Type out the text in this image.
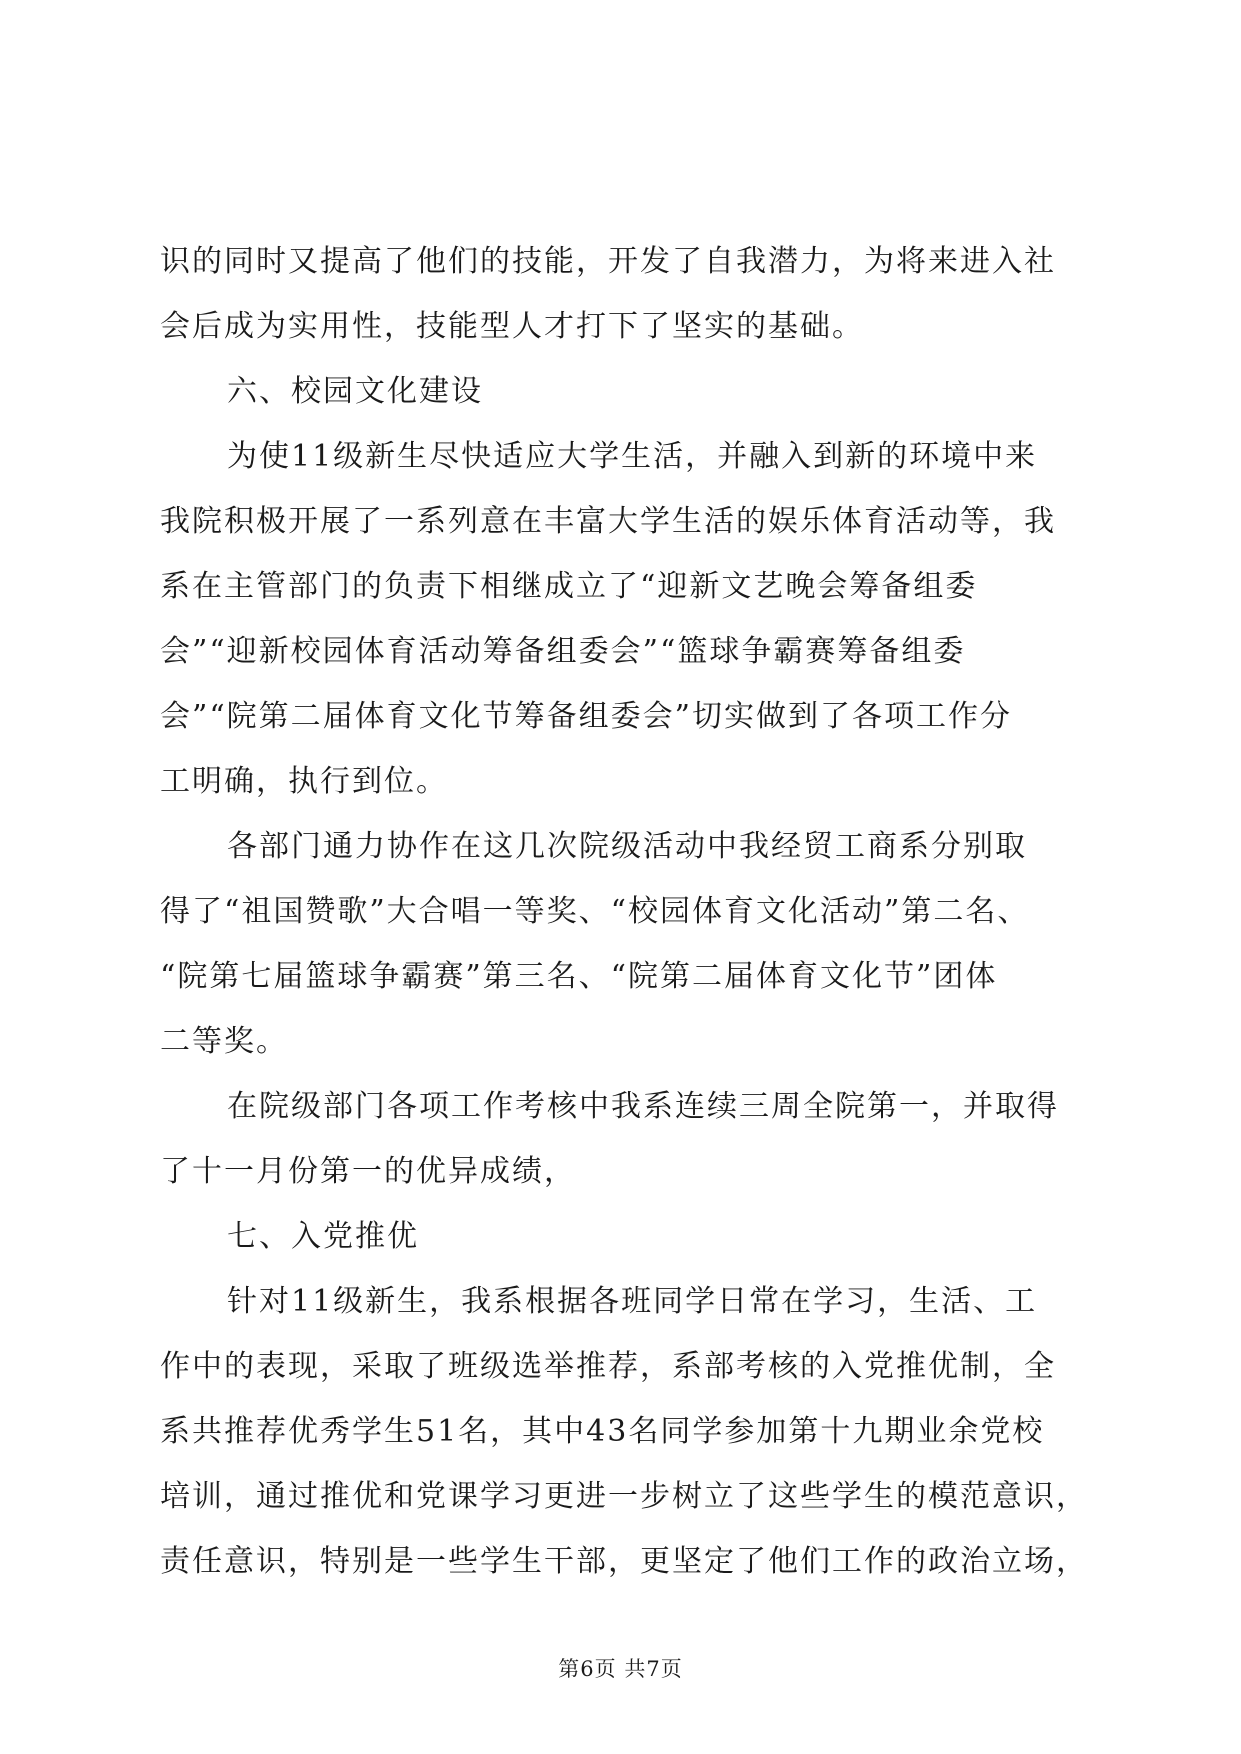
识的同时又提高了他们的技能，开发了自我潜力，为将来进入社
会后成为实用性，技能型人才打下了坚实的基础。
六、校园文化建设
为使11级新生尽快适应大学生活，并融入到新的环境中来
我院积极开展了一系列意在丰富大学生活的娱乐体育活动等，我
系在主管部门的负责下相继成立了“迎新文艺晚会筹备组委
会”“迎新校园体育活动筹备组委会”“篮球争霸赛筹备组委
会”“院第二届体育文化节筹备组委会”切实做到了各项工作分
工明确，执行到位。
各部门通力协作在这几次院级活动中我经贸工商系分别取
得了“祖国赞歌”大合唱一等奖、“校园体育文化活动”第二名、
“院第七届篮球争霸赛”第三名、“院第二届体育文化节”团体
二等奖。
在院级部门各项工作考核中我系连续三周全院第一，并取得
了十一月份第一的优异成绩，
七、入党推优
针对11级新生，我系根据各班同学日常在学习，生活、工
作中的表现，采取了班级选举推荐，系部考核的入党推优制，全
系共推荐优秀学生51名，其中43名同学参加第十九期业余党校
培训，通过推优和党课学习更进一步树立了这些学生的模范意识，
责任意识，特别是一些学生干部，更坚定了他们工作的政治立场，
第6页 共7页
